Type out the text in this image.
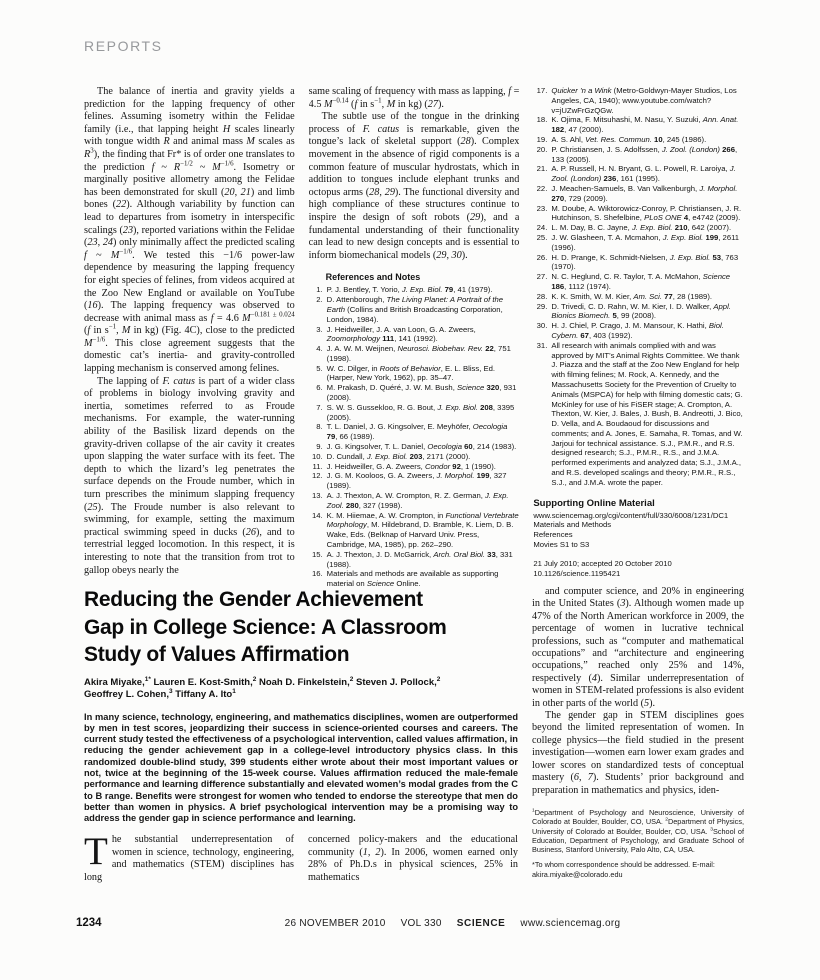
REPORTS

The balance of inertia and gravity yields a prediction for the lapping frequency of other felines. Assuming isometry within the Felidae family (i.e., that lapping height H scales linearly with tongue width R and animal mass M scales as $R^3$), the finding that Fr* is of order one translates to the prediction f ~ $R^{-1/2}$ ~ $M^{-1/6}$. Isometry or marginally positive allometry among the Felidae has been demonstrated for skull (20, 21) and limb bones (22). Although variability by function can lead to departures from isometry in interspecific scalings (23), reported variations within the Felidae (23, 24) only minimally affect the predicted scaling f ~ $M^{-1/6}$. We tested this −1/6 power-law dependence by measuring the lapping frequency for eight species of felines, from videos acquired at the Zoo New England or available on YouTube (16). The lapping frequency was observed to decrease with animal mass as f = 4.6 $M^{-0.181 \pm 0.024}$ (f in $s^{-1}$, M in kg) (Fig. 4C), close to the predicted $M^{-1/6}$. This close agreement suggests that the domestic cat’s inertia- and gravity-controlled lapping mechanism is conserved among felines.

The lapping of F. catus is part of a wider class of problems in biology involving gravity and inertia, sometimes referred to as Froude mechanisms. For example, the water-running ability of the Basilisk lizard depends on the gravity-driven collapse of the air cavity it creates upon slapping the water surface with its feet. The depth to which the lizard’s leg penetrates the surface depends on the Froude number, which in turn prescribes the minimum slapping frequency (25). The Froude number is also relevant to swimming, for example, setting the maximum practical swimming speed in ducks (26), and to terrestrial legged locomotion. In this respect, it is interesting to note that the transition from trot to gallop obeys nearly the

same scaling of frequency with mass as lapping, f = 4.5 $M^{-0.14}$ (f in $s^{-1}$, M in kg) (27).

The subtle use of the tongue in the drinking process of F. catus is remarkable, given the tongue’s lack of skeletal support (28). Complex movement in the absence of rigid components is a common feature of muscular hydrostats, which in addition to tongues include elephant trunks and octopus arms (28, 29). The functional diversity and high compliance of these structures continue to inspire the design of soft robots (29), and a fundamental understanding of their functionality can lead to new design concepts and is essential to inform biomechanical models (29, 30).

References and Notes
1. P. J. Bentley, T. Yorio, J. Exp. Biol. 79, 41 (1979).
2. D. Attenborough, The Living Planet: A Portrait of the Earth (Collins and British Broadcasting Corporation, London, 1984).
3. J. Heidweiller, J. A. van Loon, G. A. Zweers, Zoomorphology 111, 141 (1992).
4. J. A. W. M. Weijnen, Neurosci. Biobehav. Rev. 22, 751 (1998).
5. W. C. Dilger, in Roots of Behavior, E. L. Bliss, Ed. (Harper, New York, 1962), pp. 35–47.
6. M. Prakash, D. Quéré, J. W. M. Bush, Science 320, 931 (2008).
7. S. W. S. Gussekloo, R. G. Bout, J. Exp. Biol. 208, 3395 (2005).
8. T. L. Daniel, J. G. Kingsolver, E. Meyhöfer, Oecologia 79, 66 (1989).
9. J. G. Kingsolver, T. L. Daniel, Oecologia 60, 214 (1983).
10. D. Cundall, J. Exp. Biol. 203, 2171 (2000).
11. J. Heidweiller, G. A. Zweers, Condor 92, 1 (1990).
12. J. G. M. Kooloos, G. A. Zweers, J. Morphol. 199, 327 (1989).
13. A. J. Thexton, A. W. Crompton, R. Z. German, J. Exp. Zool. 280, 327 (1998).
14. K. M. Hiiemae, A. W. Crompton, in Functional Vertebrate Morphology, M. Hildebrand, D. Bramble, K. Liem, D. B. Wake, Eds. (Belknap of Harvard Univ. Press, Cambridge, MA, 1985), pp. 262–290.
15. A. J. Thexton, J. D. McGarrick, Arch. Oral Biol. 33, 331 (1988).
16. Materials and methods are available as supporting material on Science Online.
17. Quicker ’n a Wink (Metro-Goldwyn-Mayer Studios, Los Angeles, CA, 1940); www.youtube.com/watch?v=jUZwFrGzQGw.
18. K. Ojima, F. Mitsuhashi, M. Nasu, Y. Suzuki, Ann. Anat. 182, 47 (2000).
19. A. S. Ahl, Vet. Res. Commun. 10, 245 (1986).
20. P. Christiansen, J. S. Adolfssen, J. Zool. (London) 266, 133 (2005).
21. A. P. Russell, H. N. Bryant, G. L. Powell, R. Laroiya, J. Zool. (London) 236, 161 (1995).
22. J. Meachen-Samuels, B. Van Valkenburgh, J. Morphol. 270, 729 (2009).
23. M. Doube, A. Wiktorowicz-Conroy, P. Christiansen, J. R. Hutchinson, S. Shefelbine, PLoS ONE 4, e4742 (2009).
24. L. M. Day, B. C. Jayne, J. Exp. Biol. 210, 642 (2007).
25. J. W. Glasheen, T. A. Mcmahon, J. Exp. Biol. 199, 2611 (1996).
26. H. D. Prange, K. Schmidt-Nielsen, J. Exp. Biol. 53, 763 (1970).
27. N. C. Heglund, C. R. Taylor, T. A. McMahon, Science 186, 1112 (1974).
28. K. K. Smith, W. M. Kier, Am. Sci. 77, 28 (1989).
29. D. Trivedi, C. D. Rahn, W. M. Kier, I. D. Walker, Appl. Bionics Biomech. 5, 99 (2008).
30. H. J. Chiel, P. Crago, J. M. Mansour, K. Hathi, Biol. Cybern. 67, 403 (1992).
31. All research with animals complied with and was approved by MIT’s Animal Rights Committee. We thank J. Piazza and the staff at the Zoo New England for help with filming felines; M. Rock, A. Kennedy, and the Massachusetts Society for the Prevention of Cruelty to Animals (MSPCA) for help with filming domestic cats; G. McKinley for use of his FiSER stage; A. Crompton, A. Thexton, W. Kier, J. Bales, J. Bush, B. Andreotti, J. Bico, D. Vella, and A. Boudaoud for discussions and comments; and A. Jones, E. Samaha, R. Tomas, and W. Jarjoui for technical assistance. S.J., P.M.R., and R.S. designed research; S.J., P.M.R., R.S., and J.M.A. performed experiments and analyzed data; S.J., J.M.A., and R.S. developed scalings and theory; P.M.R., R.S., S.J., and J.M.A. wrote the paper.
Supporting Online Material
www.sciencemag.org/cgi/content/full/330/6008/1231/DC1
Materials and Methods
References
Movies S1 to S3
21 July 2010; accepted 20 October 2010
10.1126/science.1195421
Reducing the Gender Achievement
Gap in College Science: A Classroom
Study of Values Affirmation
Akira Miyake,$^{1*}$ Lauren E. Kost-Smith,$^2$ Noah D. Finkelstein,$^2$ Steven J. Pollock,$^2$
Geoffrey L. Cohen,$^3$ Tiffany A. Ito$^1$
In many science, technology, engineering, and mathematics disciplines, women are outperformed by men in test scores, jeopardizing their success in science-oriented courses and careers. The current study tested the effectiveness of a psychological intervention, called values affirmation, in reducing the gender achievement gap in a college-level introductory physics class. In this randomized double-blind study, 399 students either wrote about their most important values or not, twice at the beginning of the 15-week course. Values affirmation reduced the male-female performance and learning difference substantially and elevated women’s modal grades from the C to B range. Benefits were strongest for women who tended to endorse the stereotype that men do better than women in physics. A brief psychological intervention may be a promising way to address the gender gap in science performance and learning.
The substantial underrepresentation of women in science, technology, engineering, and mathematics (STEM) disciplines has long
concerned policy-makers and the educational community (1, 2). In 2006, women earned only 28% of Ph.D.s in physical sciences, 25% in mathematics

and computer science, and 20% in engineering in the United States (3). Although women made up 47% of the North American workforce in 2009, the percentage of women in lucrative technical professions, such as “computer and mathematical occupations” and “architecture and engineering occupations,” reached only 25% and 14%, respectively (4). Similar underrepresentation of women in STEM-related professions is also evident in other parts of the world (5).

The gender gap in STEM disciplines goes beyond the limited representation of women. In college physics—the field studied in the present investigation—women earn lower exam grades and lower scores on standardized tests of conceptual mastery (6, 7). Students’ prior background and preparation in mathematics and physics, iden-

$^1$Department of Psychology and Neuroscience, University of Colorado at Boulder, Boulder, CO, USA. $^2$Department of Physics, University of Colorado at Boulder, Boulder, CO, USA. $^3$School of Education, Department of Psychology, and Graduate School of Business, Stanford University, Palo Alto, CA, USA.
*To whom correspondence should be addressed. E-mail: akira.miyake@colorado.edu
1234	26 NOVEMBER 2010 VOL 330 SCIENCE www.sciencemag.org
